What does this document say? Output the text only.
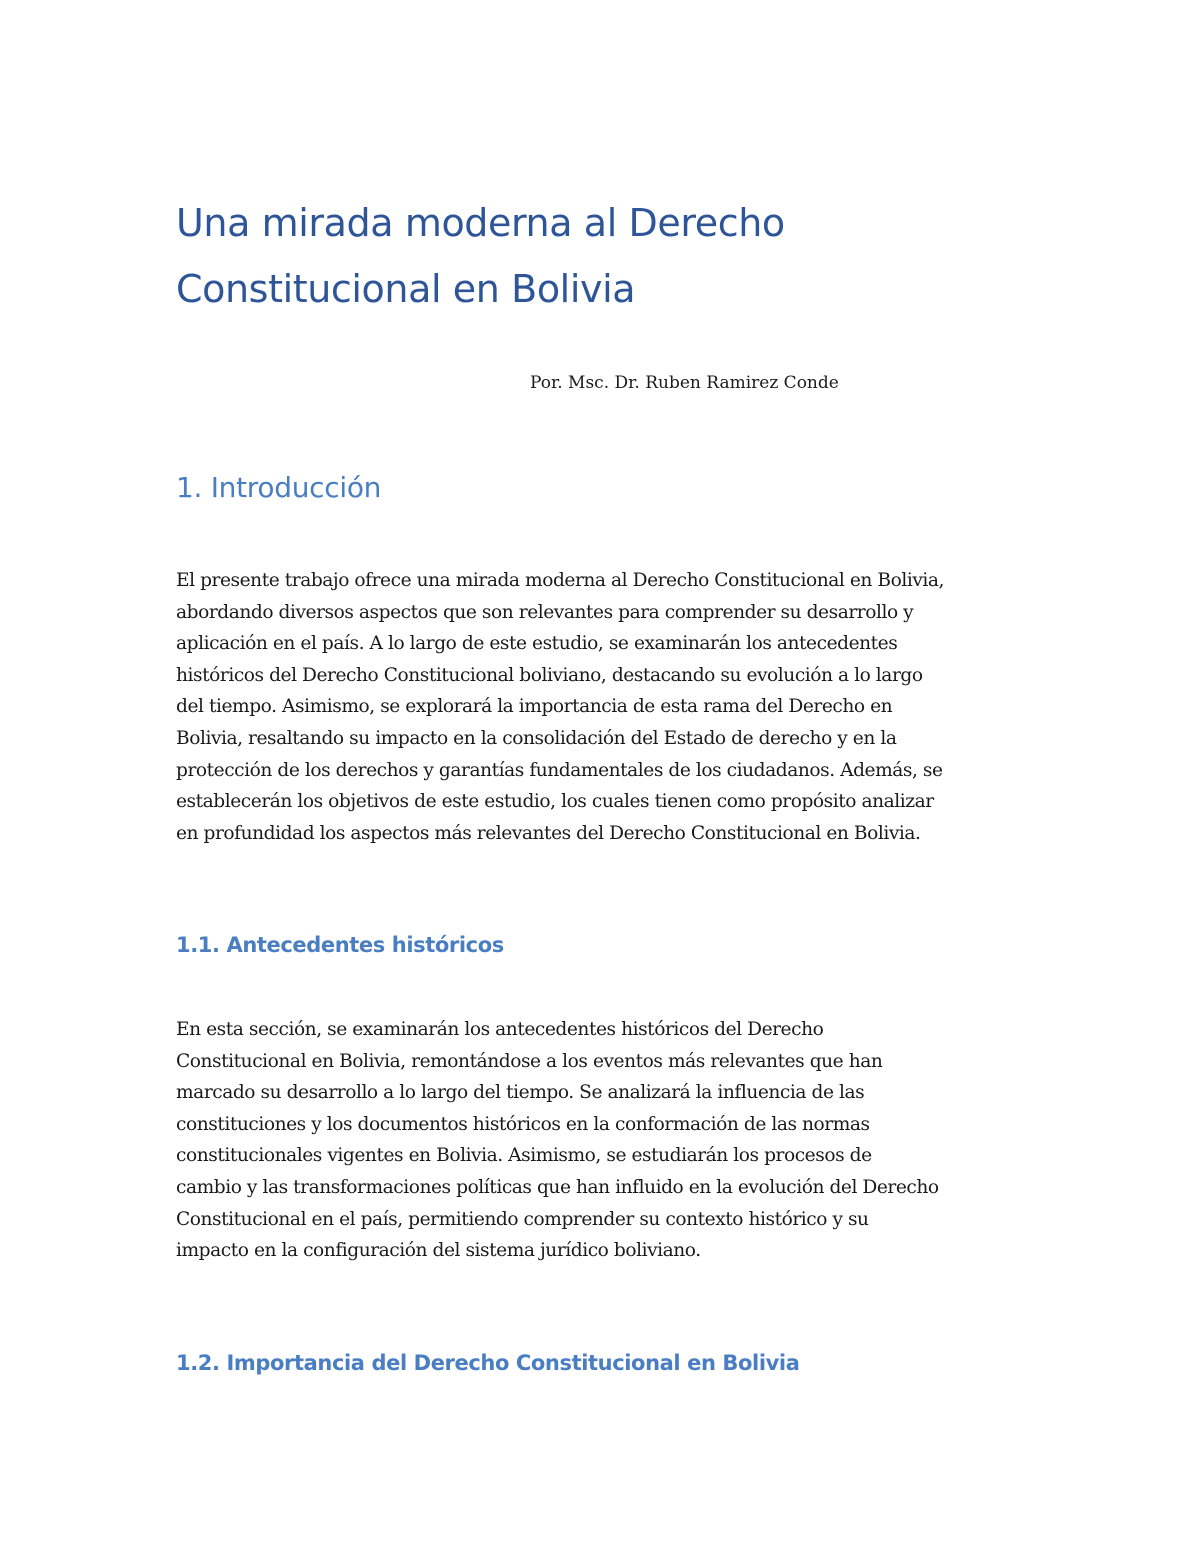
Una mirada moderna al Derecho
Constitucional en Bolivia

Por. Msc. Dr. Ruben Ramirez Conde

1. Introducción

El presente trabajo ofrece una mirada moderna al Derecho Constitucional en Bolivia,
abordando diversos aspectos que son relevantes para comprender su desarrollo y
aplicación en el país. A lo largo de este estudio, se examinarán los antecedentes
históricos del Derecho Constitucional boliviano, destacando su evolución a lo largo
del tiempo. Asimismo, se explorará la importancia de esta rama del Derecho en
Bolivia, resaltando su impacto en la consolidación del Estado de derecho y en la
protección de los derechos y garantías fundamentales de los ciudadanos. Además, se
establecerán los objetivos de este estudio, los cuales tienen como propósito analizar
en profundidad los aspectos más relevantes del Derecho Constitucional en Bolivia.

1.1. Antecedentes históricos

En esta sección, se examinarán los antecedentes históricos del Derecho
Constitucional en Bolivia, remontándose a los eventos más relevantes que han
marcado su desarrollo a lo largo del tiempo. Se analizará la influencia de las
constituciones y los documentos históricos en la conformación de las normas
constitucionales vigentes en Bolivia. Asimismo, se estudiarán los procesos de
cambio y las transformaciones políticas que han influido en la evolución del Derecho
Constitucional en el país, permitiendo comprender su contexto histórico y su
impacto en la configuración del sistema jurídico boliviano.

1.2. Importancia del Derecho Constitucional en Bolivia
